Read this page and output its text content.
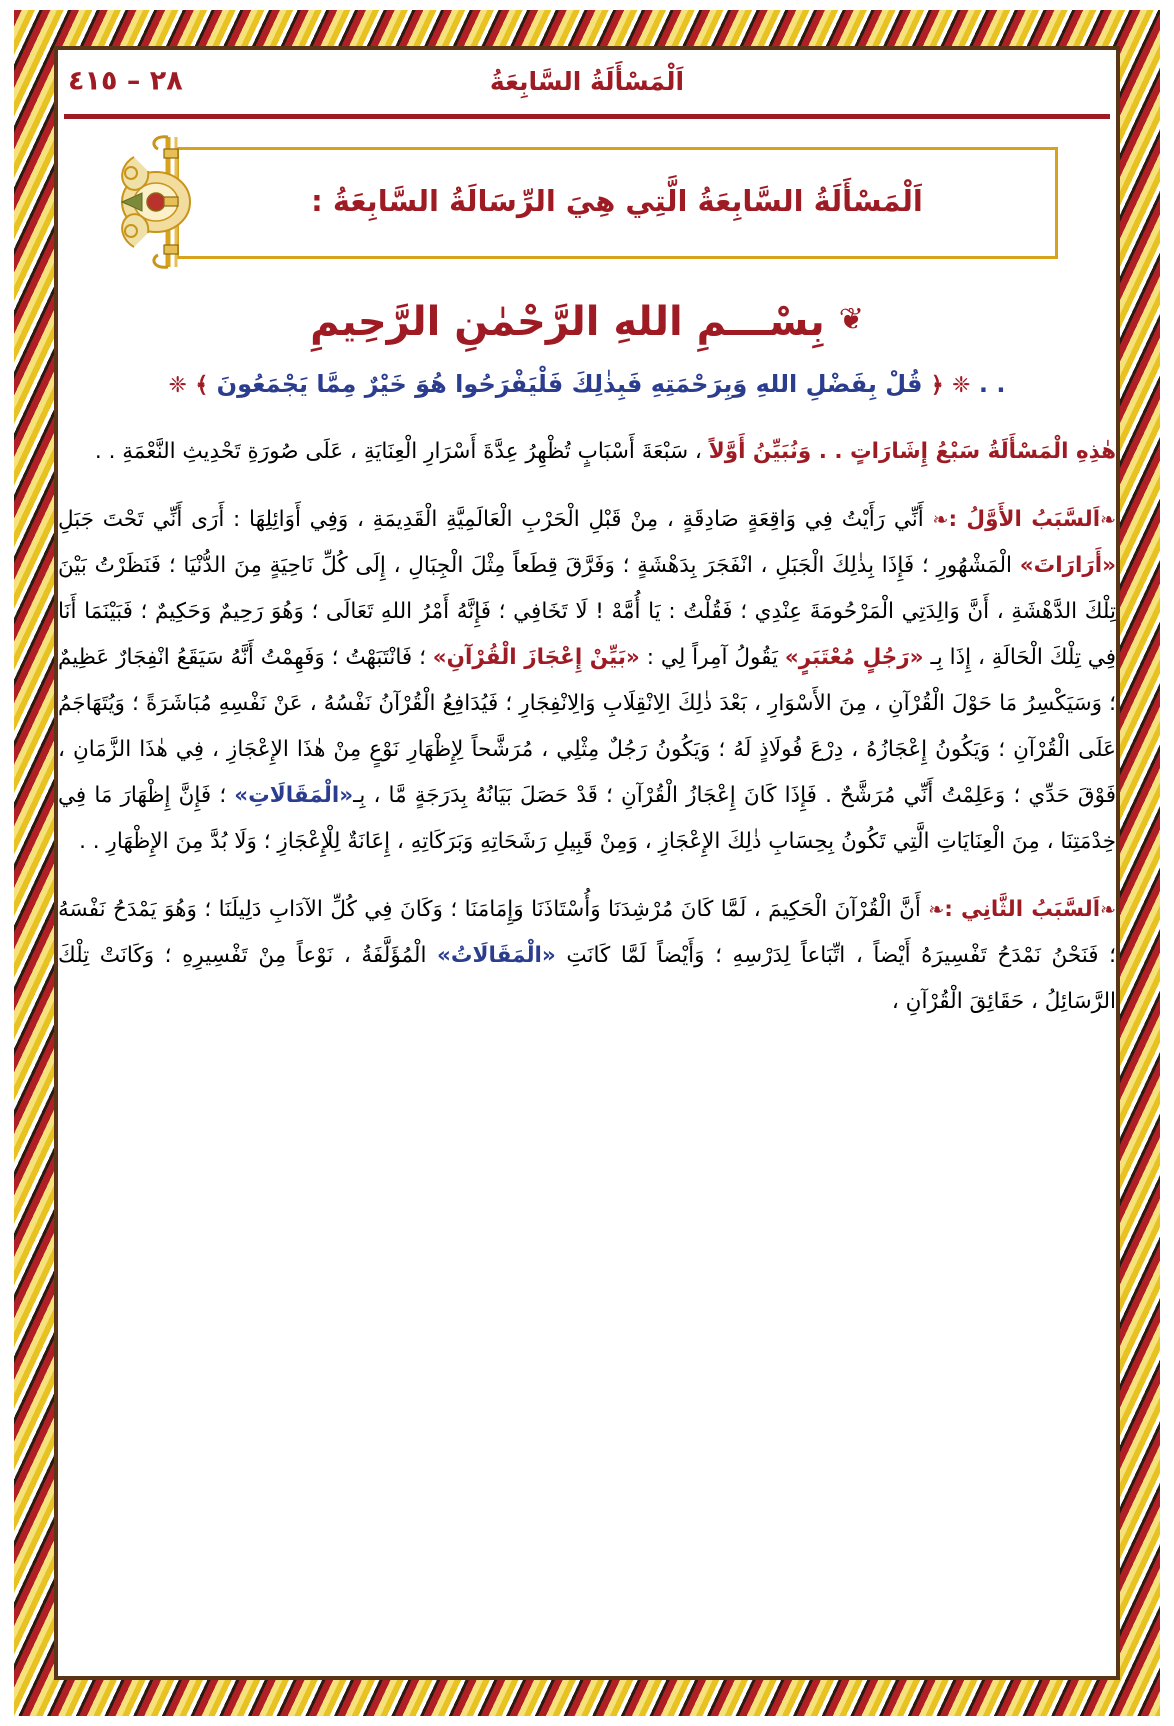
٢٨ – ٤١٥	اَلْمَسْأَلَةُ السَّابِعَةُ
اَلْمَسْأَلَةُ السَّابِعَةُ الَّتِي هِيَ الرِّسَالَةُ السَّابِعَةُ :
❦ بِسْـــمِ اللهِ الرَّحْمٰنِ الرَّحِيمِ
. . ❈ ﴿ قُلْ بِفَضْلِ اللهِ وَبِرَحْمَتِهِ فَبِذٰلِكَ فَلْيَفْرَحُوا هُوَ خَيْرٌ مِمَّا يَجْمَعُونَ ﴾ ❈
هٰذِهِ الْمَسْأَلَةُ سَبْعُ إِشَارَاتٍ . . وَنُبَيِّنُ أَوَّلاً ، سَبْعَةَ أَسْبَابٍ تُظْهِرُ عِدَّةَ أَسْرَارِ الْعِنَايَةِ ، عَلَى صُورَةِ تَحْدِيثِ النَّعْمَةِ . .
❧اَلسَّبَبُ الأَوَّلُ :❧ أَنِّي رَأَيْتُ فِي وَاقِعَةٍ صَادِقَةٍ ، مِنْ قَبْلِ الْحَرْبِ الْعَالَمِيَّةِ الْقَدِيمَةِ ، وَفِي أَوَائِلِهَا : أَرَى أَنِّي تَحْتَ جَبَلِ «أَرَارَاتَ» الْمَشْهُورِ ؛ فَإِذَا بِذٰلِكَ الْجَبَلِ ، انْفَجَرَ بِدَهْشَةٍ ؛ وَفَرَّقَ قِطَعاً مِثْلَ الْجِبَالِ ، إِلَى كُلِّ نَاحِيَةٍ مِنَ الدُّنْيَا ؛ فَنَظَرْتُ بَيْنَ تِلْكَ الدَّهْشَةِ ، أَنَّ وَالِدَتِي الْمَرْحُومَةَ عِنْدِي ؛ فَقُلْتُ : يَا أُمَّهْ ! لَا تَخَافِي ؛ فَإِنَّهُ أَمْرُ اللهِ تَعَالَى ؛ وَهُوَ رَحِيمٌ وَحَكِيمٌ ؛ فَبَيْنَمَا أَنَا فِي تِلْكَ الْحَالَةِ ، إِذَا بِـ «رَجُلٍ مُعْتَبَرٍ» يَقُولُ آمِراً لِي : «بَيِّنْ إِعْجَازَ الْقُرْآنِ» ؛ فَانْتَبَهْتُ ؛ وَفَهِمْتُ أَنَّهُ سَيَقَعُ انْفِجَارٌ عَظِيمٌ ؛ وَسَيَكْسِرُ مَا حَوْلَ الْقُرْآنِ ، مِنَ الأَسْوَارِ ، بَعْدَ ذٰلِكَ الِانْقِلَابِ وَالِانْفِجَارِ ؛ فَيُدَافِعُ الْقُرْآنُ نَفْسُهُ ، عَنْ نَفْسِهِ مُبَاشَرَةً ؛ وَيُتَهَاجَمُ عَلَى الْقُرْآنِ ؛ وَيَكُونُ إِعْجَازُهُ ، دِرْعَ فُولَاذٍ لَهُ ؛ وَيَكُونُ رَجُلٌ مِثْلِي ، مُرَشَّحاً لِإِظْهَارِ نَوْعٍ مِنْ هٰذَا الإِعْجَازِ ، فِي هٰذَا الزَّمَانِ ، فَوْقَ حَدِّي ؛ وَعَلِمْتُ أَنِّي مُرَشَّحٌ . فَإِذَا كَانَ إِعْجَازُ الْقُرْآنِ ؛ قَدْ حَصَلَ بَيَانُهُ بِدَرَجَةٍ مَّا ، بِـ«الْمَقَالَاتِ» ؛ فَإِنَّ إِظْهَارَ مَا فِي خِدْمَتِنَا ، مِنَ الْعِنَايَاتِ الَّتِي تَكُونُ بِحِسَابِ ذٰلِكَ الإِعْجَازِ ، وَمِنْ قَبِيلِ رَشَحَاتِهِ وَبَرَكَاتِهِ ، إِعَانَةٌ لِلْإِعْجَازِ ؛ وَلَا بُدَّ مِنَ الإِظْهَارِ . .
❧اَلسَّبَبُ الثَّانِي :❧ أَنَّ الْقُرْآنَ الْحَكِيمَ ، لَمَّا كَانَ مُرْشِدَنَا وَأُسْتَاذَنَا وَإِمَامَنَا ؛ وَكَانَ فِي كُلِّ الآدَابِ دَلِيلَنَا ؛ وَهُوَ يَمْدَحُ نَفْسَهُ ؛ فَنَحْنُ نَمْدَحُ تَفْسِيرَهُ أَيْضاً ، اتِّبَاعاً لِدَرْسِهِ ؛ وَأَيْضاً لَمَّا كَانَتِ «الْمَقَالَاتُ» الْمُؤَلَّفَةُ ، نَوْعاً مِنْ تَفْسِيرِهِ ؛ وَكَانَتْ تِلْكَ الرَّسَائِلُ ، حَقَائِقَ الْقُرْآنِ ،
